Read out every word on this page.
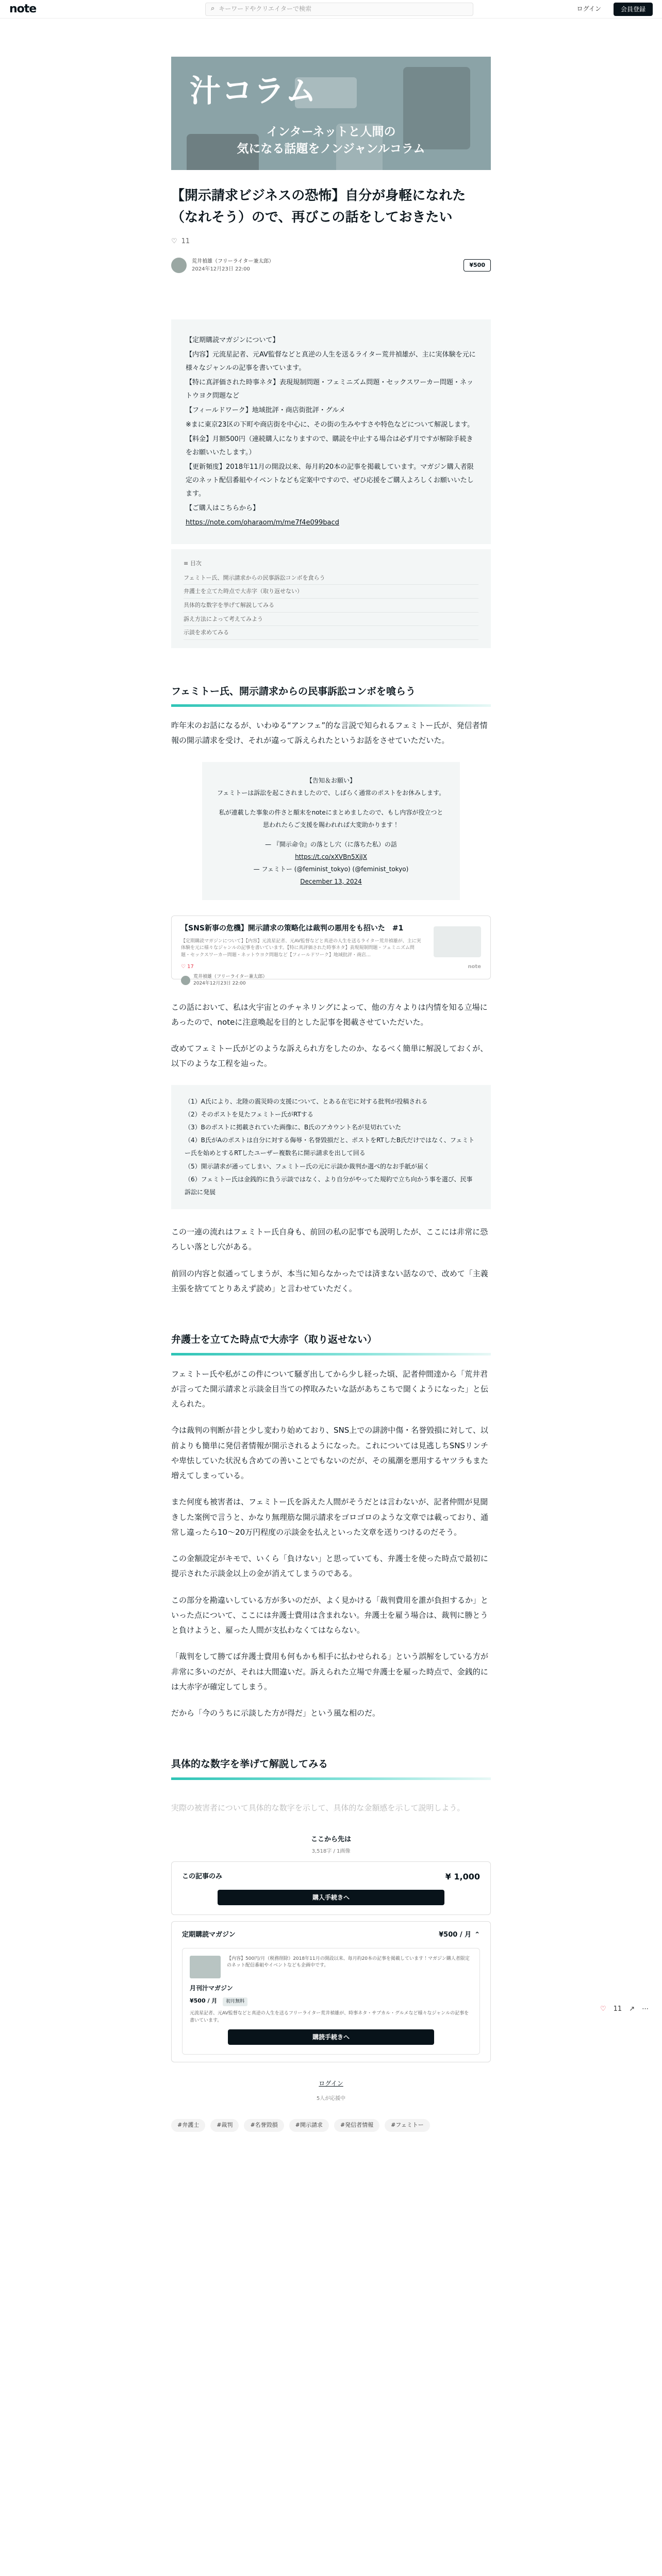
note	⌕ キーワードやクリエイターで検索	ログイン	会員登録
汁コラム
インターネットと人間の
気になる話題をノンジャンルコラム
【開示請求ビジネスの恐怖】自分が身軽になれた（なれそう）ので、再びこの話をしておきたい
♡ 11
荒井禎雄（フリーライター兼太郎）
2024年12月23日 22:00
¥500

【定期購読マガジンについて】

【内容】元流星記者、元AV監督などと真逆の人生を送るライター荒井禎雄が、主に実体験を元に様々なジャンルの記事を書いています。

【特に真評価された時事ネタ】表現規制問題・フェミニズム問題・セックスワーカー問題・ネットウヨク問題など

【フィールドワーク】地域批評・商店街批評・グルメ

※まに東京23区の下町や商店街を中心に、その街の生みやすさや特色などについて解説します。

【料金】月額500円（連続購入になりますので、購読を中止する場合は必ず月ですが解除手続きをお願いいたします。）

【更新頻度】2018年11月の開設以来、毎月約20本の記事を掲載しています。マガジン購入者限定のネット配信番組やイベントなども定案中ですので、ぜひ応援をご購入よろしくお願いいたします。

【ご購入はこちらから】

https://note.com/oharaom/m/me7f4e099bacd
≡ 目次
フェミトー氏、開示請求からの民事訴訟コンボを食らう
弁護士を立てた時点で大赤字（取り返せない）
具体的な数字を挙げて解説してみる
訴え方法によって考えてみよう
示談を求めてみる
フェミトー氏、開示請求からの民事訴訟コンボを喰らう

昨年末のお話になるが、いわゆる“アンフェ”的な言説で知られるフェミトー氏が、発信者情報の開示請求を受け、それが違って訴えられたというお話をさせていただいた。

【告知＆お願い】
フェミトーは訴訟を起こされましたので、しばらく通常のポストをお休みします。
私が連載した事象の件さと顛末をnoteにまとめましたので、もし内容が役立つと思われたらご支援を賜われれば大変助かります！
— 『開示命令』の落とし穴（に落ちた私）の話
https://t.co/xXVBn5XjJX
— フェミトー (@feminist_tokyo) (@feminist_tokyo)
December 13, 2024
【SNS新事の危機】開示請求の策略化は裁判の悪用をも招いた　#1
【定期購読マガジンについて】【内容】元流星記者、元AV監督などと真逆の人生を送るライター荒井禎雄が、主に実体験を元に様々なジャンルの記事を書いています。【特に真評価された時事ネタ】表現規制問題・フェミニズム問題・セックスワーカー問題・ネットウヨク問題など【フィールドワーク】地域批評・商店…
♡ 17
荒井禎雄（フリーライター兼太郎）
2024年12月23日 22:00
note

この話において、私は火宇宙とのチャネリングによって、他の方々よりは内情を知る立場にあったので、noteに注意喚起を目的とした記事を掲載させていただいた。

改めてフェミトー氏がどのような訴えられ方をしたのか、なるべく簡単に解説しておくが、以下のような工程を辿った。

（1）A氏により、北陸の震災時の支援について、とある在宅に対する批判が投稿される

（2）そのポストを見たフェミトー氏がRTする

（3）Bのポストに掲載されていた画像に、B氏のアカウント名が見切れていた

（4）B氏がAのポストは自分に対する侮辱・名誉毀損だと、ポストをRTしたB氏だけではなく、フェミトー氏を始めとするRTしたユーザー複数名に開示請求を出して回る

（5）開示請求が通ってしまい、フェミトー氏の元に示談か裁判か選べ的なお手紙が届く

（6）フェミトー氏は金銭的に負う示談ではなく、より自分がやってた規約で立ち向かう事を選び、民事訴訟に発展

この一連の流れはフェミトー氏自身も、前回の私の記事でも説明したが、ここには非常に恐ろしい落とし穴がある。

前回の内容と似通ってしまうが、本当に知らなかったでは済まない話なので、改めて「主義主張を捨ててとりあえず読め」と言わせていただく。

弁護士を立てた時点で大赤字（取り返せない）

フェミトー氏や私がこの件について騒ぎ出してから少し経った頃、記者仲間達から「荒井君が言ってた開示請求と示談金目当ての搾取みたいな話があちこちで聞くようになった」と伝えられた。

今は裁判の判断が昔と少し変わり始めており、SNS上での誹謗中傷・名誉毀損に対して、以前よりも簡単に発信者情報が開示されるようになった。これについては見逃しちSNSリンチや卑怯していた状況も含めての善いことでもないのだが、その風潮を悪用するヤツラもまた増えてしまっている。

また何度も被害者は、フェミトー氏を訴えた人間がそうだとは言わないが、記者仲間が見聞きした案例で言うと、かなり無理筋な開示請求をゴロゴロのような文章では載っており、通常し違ったら10〜20万円程度の示談金を払えといった文章を送りつけるのだそう。

この金額設定がキモで、いくら「負けない」と思っていても、弁護士を使った時点で最初に提示された示談金以上の金が消えてしまうのである。

この部分を勘違いしている方が多いのだが、よく見かける「裁判費用を誰が負担するか」といった点について、ここには弁護士費用は含まれない。弁護士を雇う場合は、裁判に勝とうと負けようと、雇った人間が支払わなくてはならない。

「裁判をして勝てば弁護士費用も何もかも相手に払わせられる」という誤解をしている方が非常に多いのだが、それは大間違いだ。訴えられた立場で弁護士を雇った時点で、金銭的には大赤字が確定してしまう。

だから「今のうちに示談した方が得だ」という風な相のだ。

具体的な数字を挙げて解説してみる
実際の被害者について具体的な数字を示して、具体的な金額感を示して説明しよう。
ここから先は
3,518字 / 1画像
この記事のみ	¥ 1,000
購入手続きへ
定期購読マガジン	¥500 / 月 ⌃
【内容】500円/月（税務削除）2018年11月の開設以来、毎月約20本の記事を掲載しています！マガジン購入者限定のネット配信番組やイベントなども企画中です。
月刊汁マガジン
¥500 / 月 初月無料
元流星記者、元AV監督などと真逆の人生を送るフリーライター荒井禎雄が、時事ネタ・サブカル・グルメなど様々なジャンルの記事を書いています。
購読手続きへ
ログイン
5人が応援中
#弁護士	#裁判	#名誉毀損	#開示請求	#発信者情報	#フェミトー
♡ 11 ↗ ⋯
